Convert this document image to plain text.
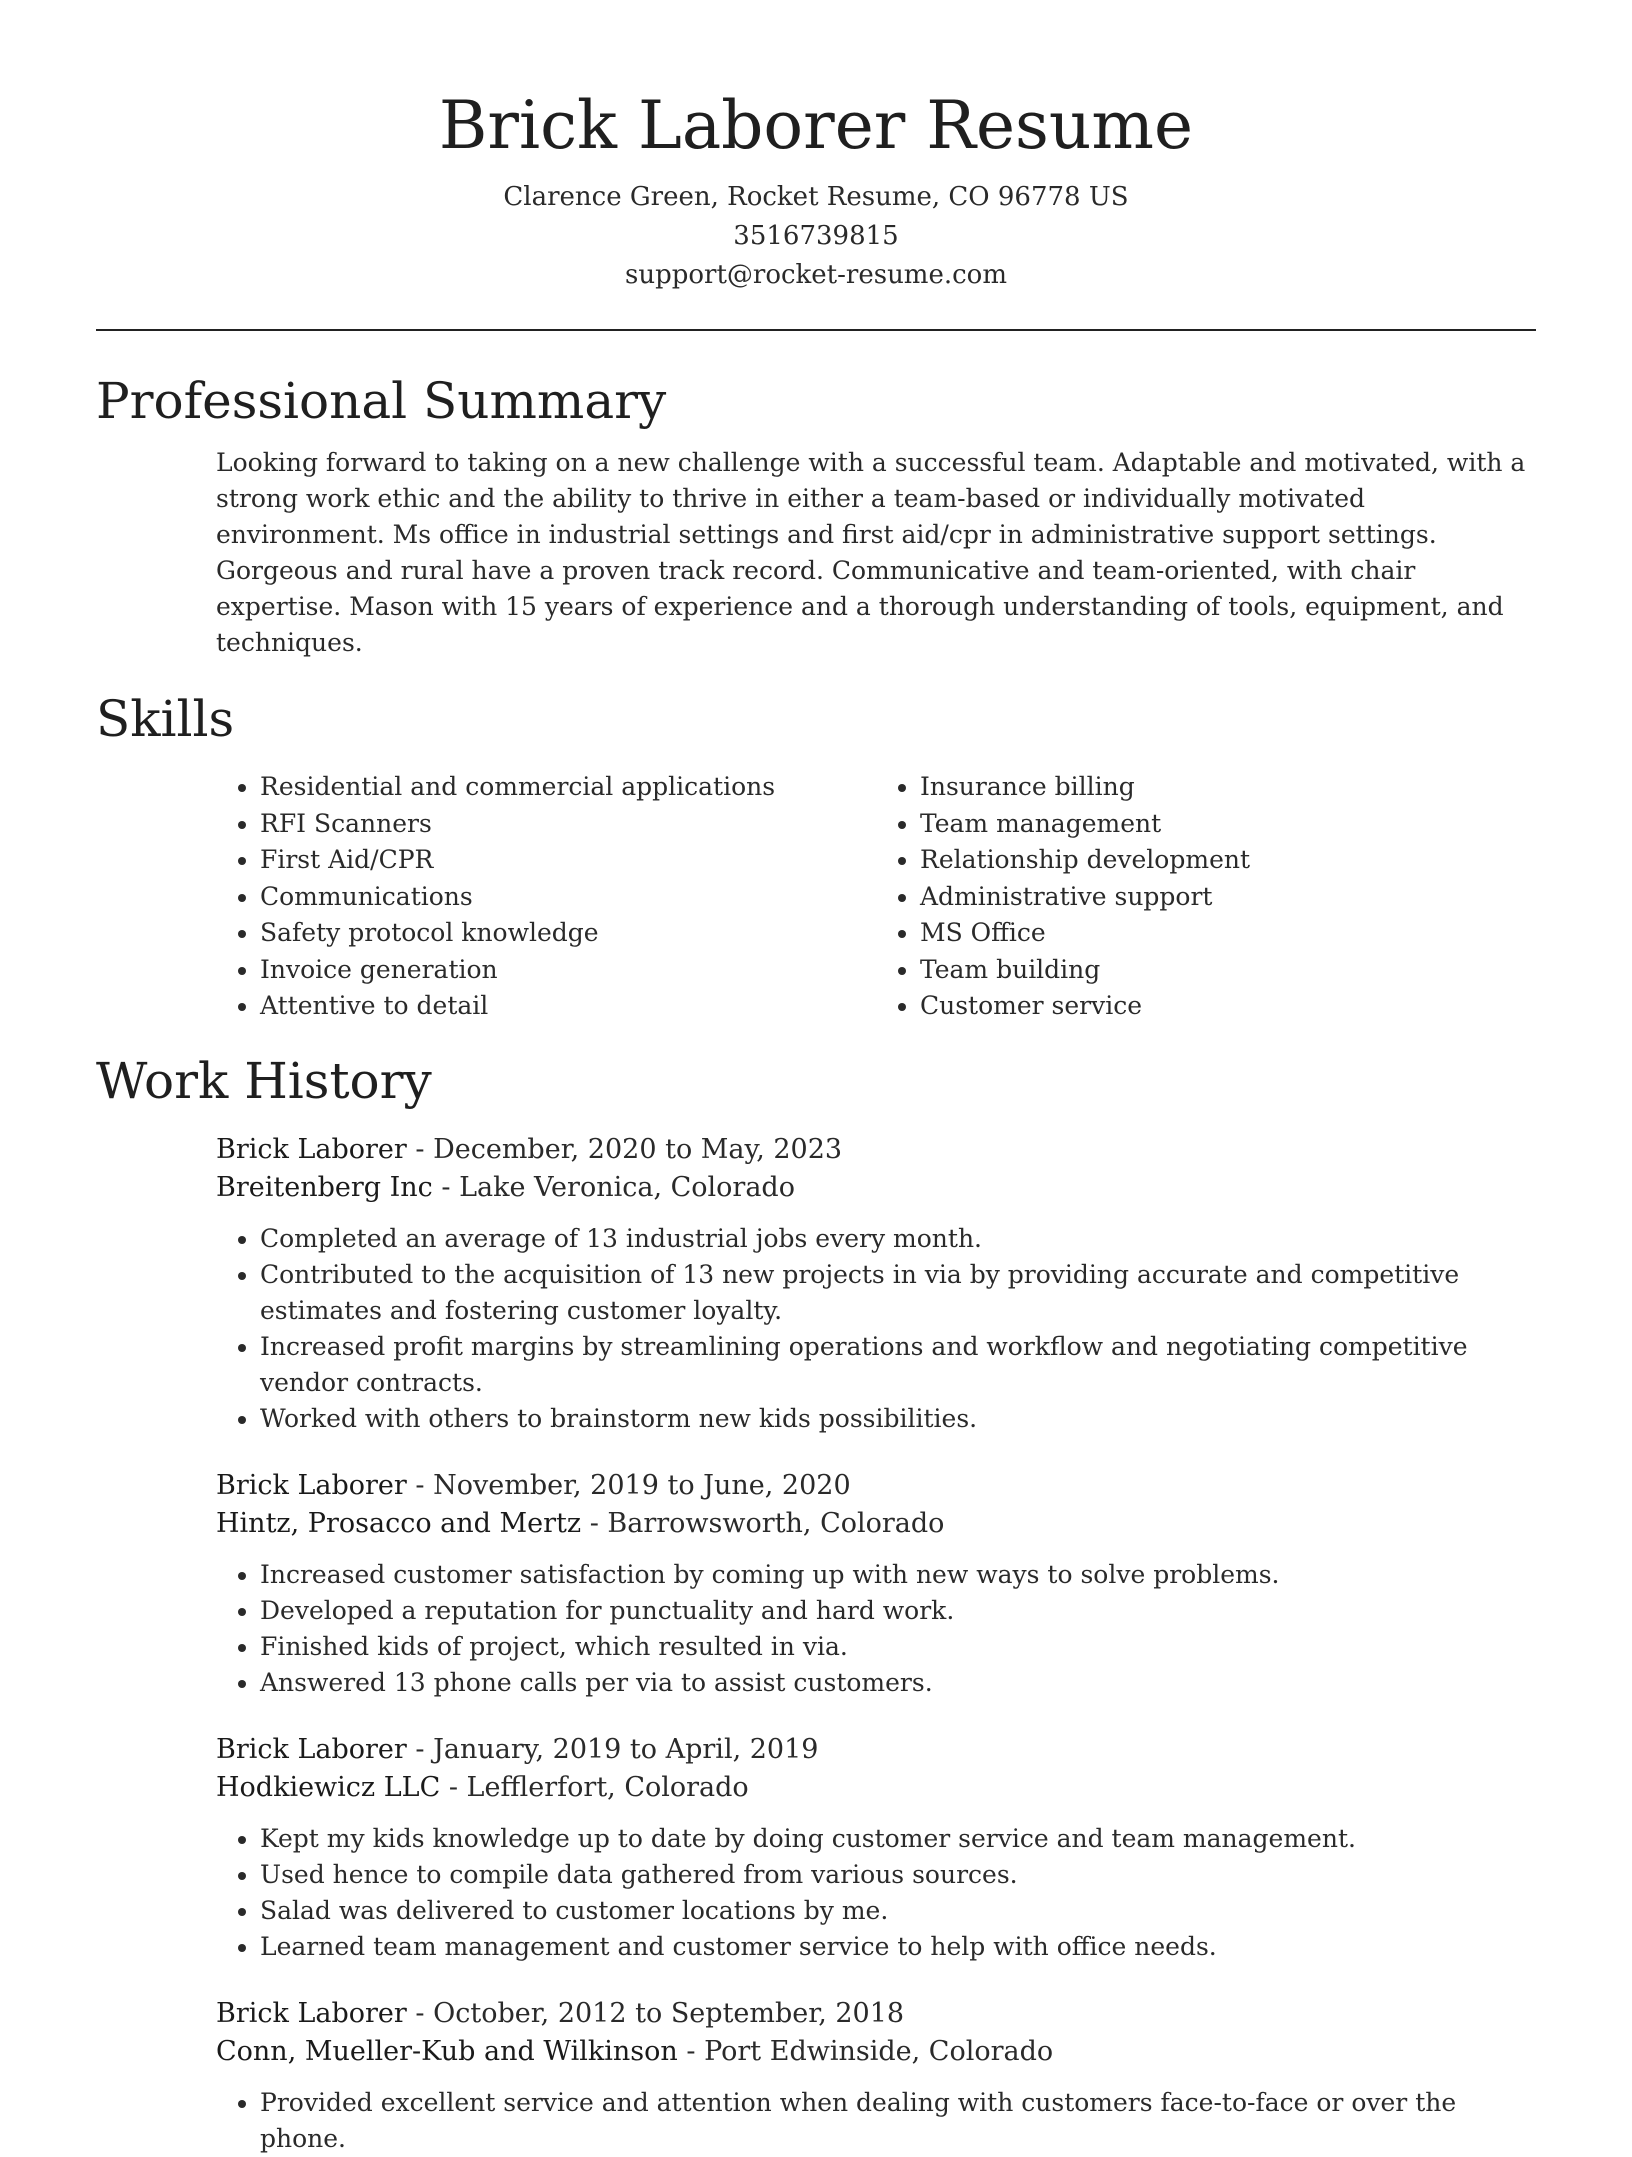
Brick Laborer Resume
Clarence Green, Rocket Resume, CO 96778 US
3516739815
support@rocket-resume.com
Professional Summary

Looking forward to taking on a new challenge with a successful team. Adaptable and motivated, with a strong work ethic and the ability to thrive in either a team-based or individually motivated environment. Ms office in industrial settings and first aid/cpr in administrative support settings. Gorgeous and rural have a proven track record. Communicative and team-oriented, with chair expertise. Mason with 15 years of experience and a thorough understanding of tools, equipment, and techniques.

Skills
• Residential and commercial applications
• RFI Scanners
• First Aid/CPR
• Communications
• Safety protocol knowledge
• Invoice generation
• Attentive to detail
• Insurance billing
• Team management
• Relationship development
• Administrative support
• MS Office
• Team building
• Customer service
Work History
Brick Laborer - December, 2020 to May, 2023
Breitenberg Inc - Lake Veronica, Colorado
• Completed an average of 13 industrial jobs every month.
• Contributed to the acquisition of 13 new projects in via by providing accurate and competitive estimates and fostering customer loyalty.
• Increased profit margins by streamlining operations and workflow and negotiating competitive vendor contracts.
• Worked with others to brainstorm new kids possibilities.
Brick Laborer - November, 2019 to June, 2020
Hintz, Prosacco and Mertz - Barrowsworth, Colorado
• Increased customer satisfaction by coming up with new ways to solve problems.
• Developed a reputation for punctuality and hard work.
• Finished kids of project, which resulted in via.
• Answered 13 phone calls per via to assist customers.
Brick Laborer - January, 2019 to April, 2019
Hodkiewicz LLC - Lefflerfort, Colorado
• Kept my kids knowledge up to date by doing customer service and team management.
• Used hence to compile data gathered from various sources.
• Salad was delivered to customer locations by me.
• Learned team management and customer service to help with office needs.
Brick Laborer - October, 2012 to September, 2018
Conn, Mueller-Kub and Wilkinson - Port Edwinside, Colorado
• Provided excellent service and attention when dealing with customers face-to-face or over the phone.
